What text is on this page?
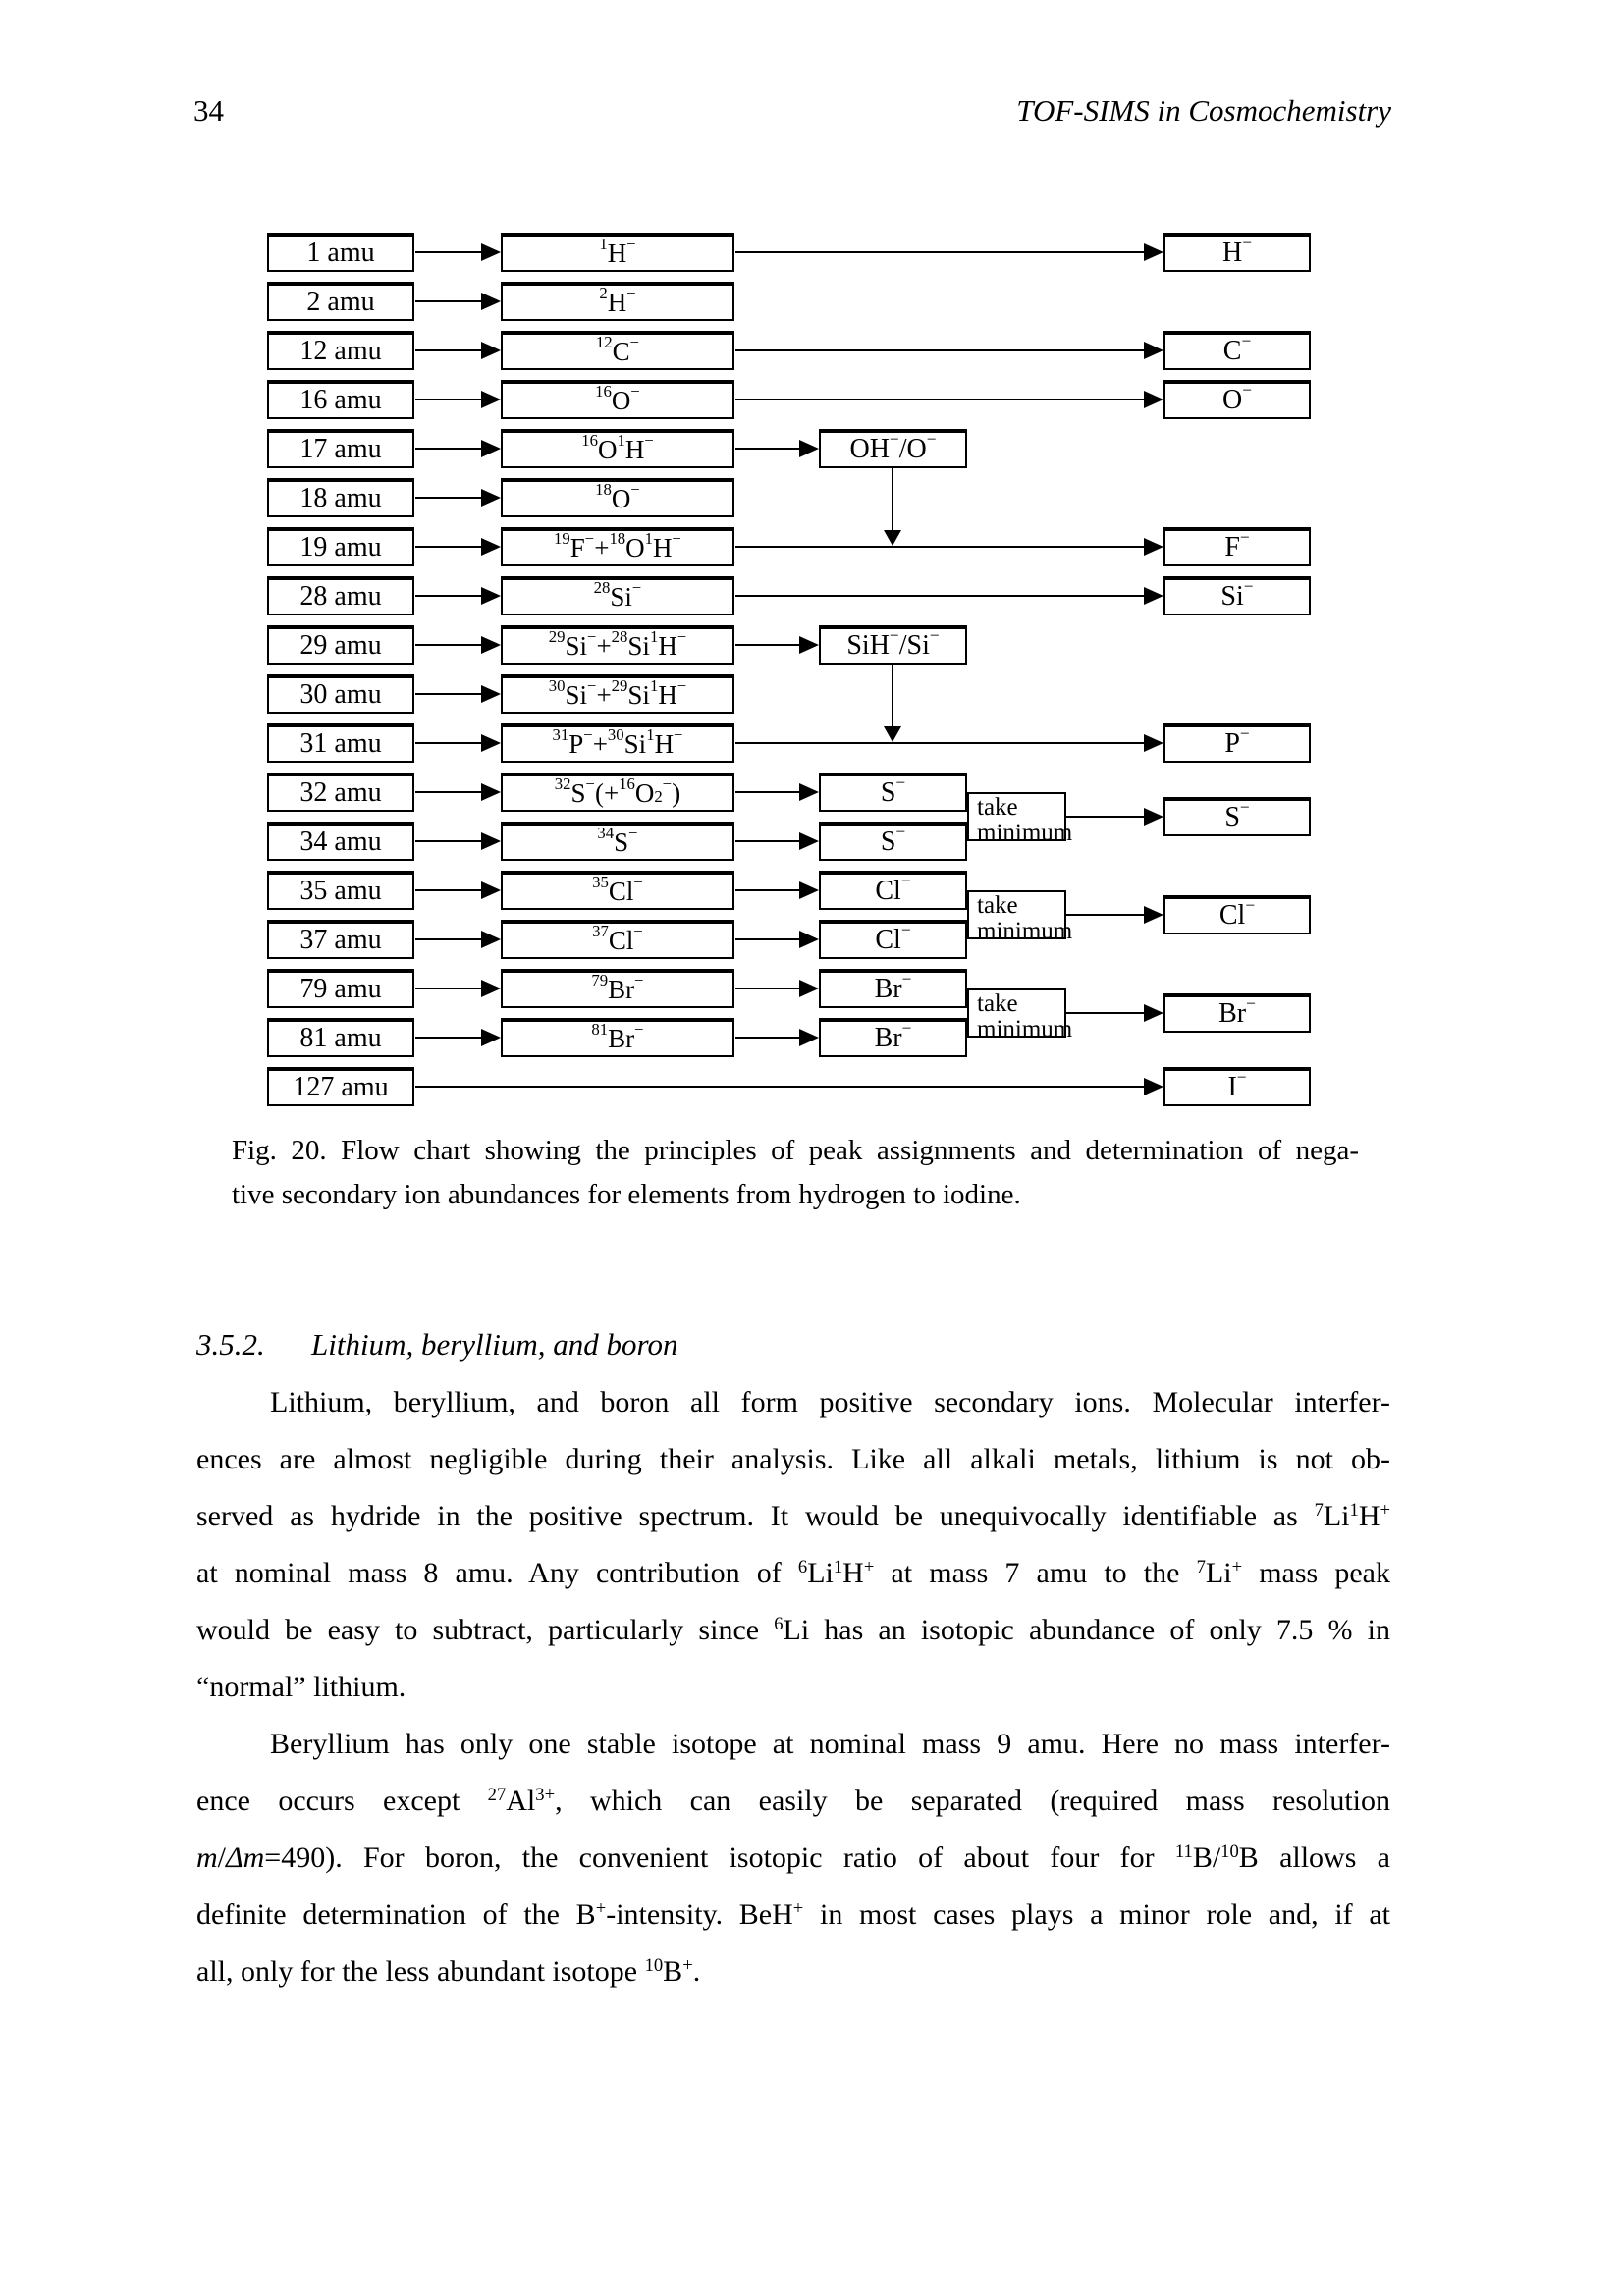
34	TOF-SIMS in Cosmochemistry
1 amu
2 amu
12 amu
16 amu
17 amu
18 amu
19 amu
28 amu
29 amu
30 amu
31 amu
32 amu
34 amu
35 amu
37 amu
79 amu
81 amu
127 amu
$^1$ H−
$^2$ H−
$^{12}$ C−
$^{16}$ O−
$^{16}$ $O^1$ H−
$^{18}$ O−
$^{19}$ F− + $^{18}$ $O^1$ H−
$^{28}$ Si−
$^{29}$ Si− + $^{28}$ Si$^1$ H−
$^{30}$ Si− + $^{29}$ Si$^1$ H−
$^{31}$ P− + $^{30}$ Si$^1$ H−
$^{32}$ S− (+ $^{16}$ $O_2$
− )
$^{34}$ S−
$^{35}$ Cl−
$^{37}$ Cl−
$^{79}$ Br−
$^{81}$ Br−
OH− /O−
SiH− /Si−
S−
S−
Cl−
Cl−
Br−
Br−
take minimum
take minimum
take minimum
H−
C−
O−
F−
Si−
P−
S−
Cl−
Br−
I−
Fig. 20. Flow chart showing the principles of peak assignments and determination of nega-
tive secondary ion abundances for elements from hydrogen to iodine.
3.5.2. Lithium, beryllium, and boron
Lithium, beryllium, and boron all form positive secondary ions. Molecular interfer-
ences are almost negligible during their analysis. Like all alkali metals, lithium is not ob-
served as hydride in the positive spectrum. It would be unequivocally identifiable as $^7$Li$^1$H+
at nominal mass 8 amu. Any contribution of $^6$Li$^1$H+ at mass 7 amu to the $^7$Li+ mass peak
would be easy to subtract, particularly since $^6$Li has an isotopic abundance of only 7.5 % in
“normal” lithium.
Beryllium has only one stable isotope at nominal mass 9 amu. Here no mass interfer-
ence occurs except $^{27}Al^{3+}$, which can easily be separated (required mass resolution
m/Δm=490). For boron, the convenient isotopic ratio of about four for $^{11}$B/$^{10}$B allows a
definite determination of the B+-intensity. BeH+ in most cases plays a minor role and, if at
all, only for the less abundant isotope $^{10}$B+.
